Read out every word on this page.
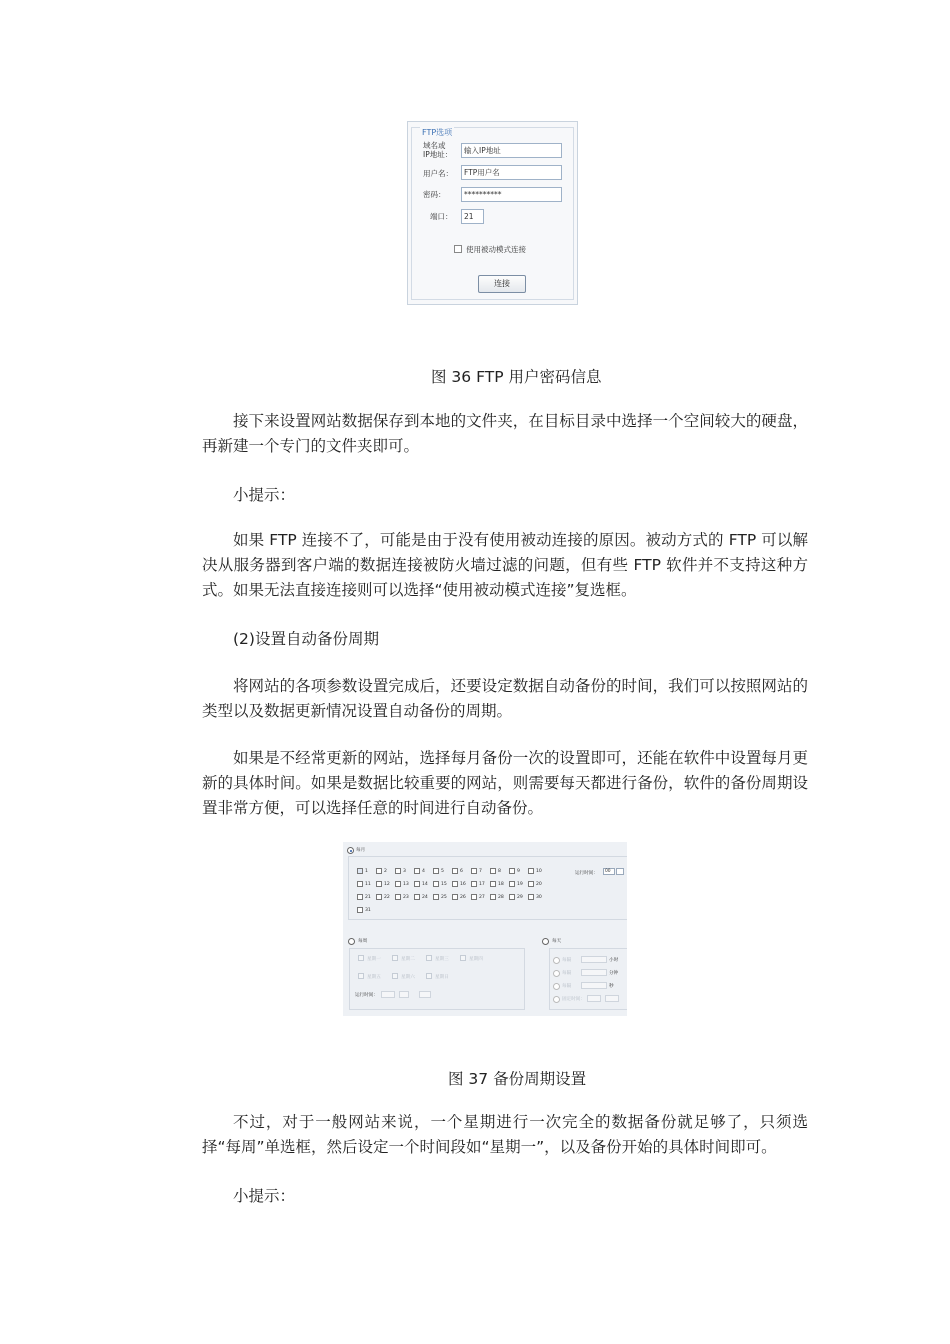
FTP选项
域名或
IP地址：	输入IP地址
用户名：	FTP用户名
密码：	**********
端口：	21
使用被动模式连接
连接
图 36 FTP 用户密码信息
接下来设置网站数据保存到本地的文件夹，在目标目录中选择一个空间较大的硬盘，再新建一个专门的文件夹即可。
小提示：
如果 FTP 连接不了，可能是由于没有使用被动连接的原因。被动方式的 FTP 可以解决从服务器到客户端的数据连接被防火墙过滤的问题，但有些 FTP 软件并不支持这种方式。如果无法直接连接则可以选择“使用被动模式连接”复选框。
(2)设置自动备份周期
将网站的各项参数设置完成后，还要设定数据自动备份的时间，我们可以按照网站的类型以及数据更新情况设置自动备份的周期。
如果是不经常更新的网站，选择每月备份一次的设置即可，还能在软件中设置每月更新的具体时间。如果是数据比较重要的网站，则需要每天都进行备份，软件的备份周期设置非常方便，可以选择任意的时间进行自动备份。
每月
运行时间：	00
每周
运行时间：
每天
每隔	小时
每隔	分钟
每隔	秒
固定时间：
1	2	3	4	5	6	7	8	9	10
11	12	13	14	15	16	17	18	19	20
21	22	23	24	25	26	27	28	29	30
31
星期一	星期二	星期三	星期四
星期五	星期六	星期日
图 37 备份周期设置
不过，对于一般网站来说，一个星期进行一次完全的数据备份就足够了，只须选择“每周”单选框，然后设定一个时间段如“星期一”，以及备份开始的具体时间即可。
小提示：
